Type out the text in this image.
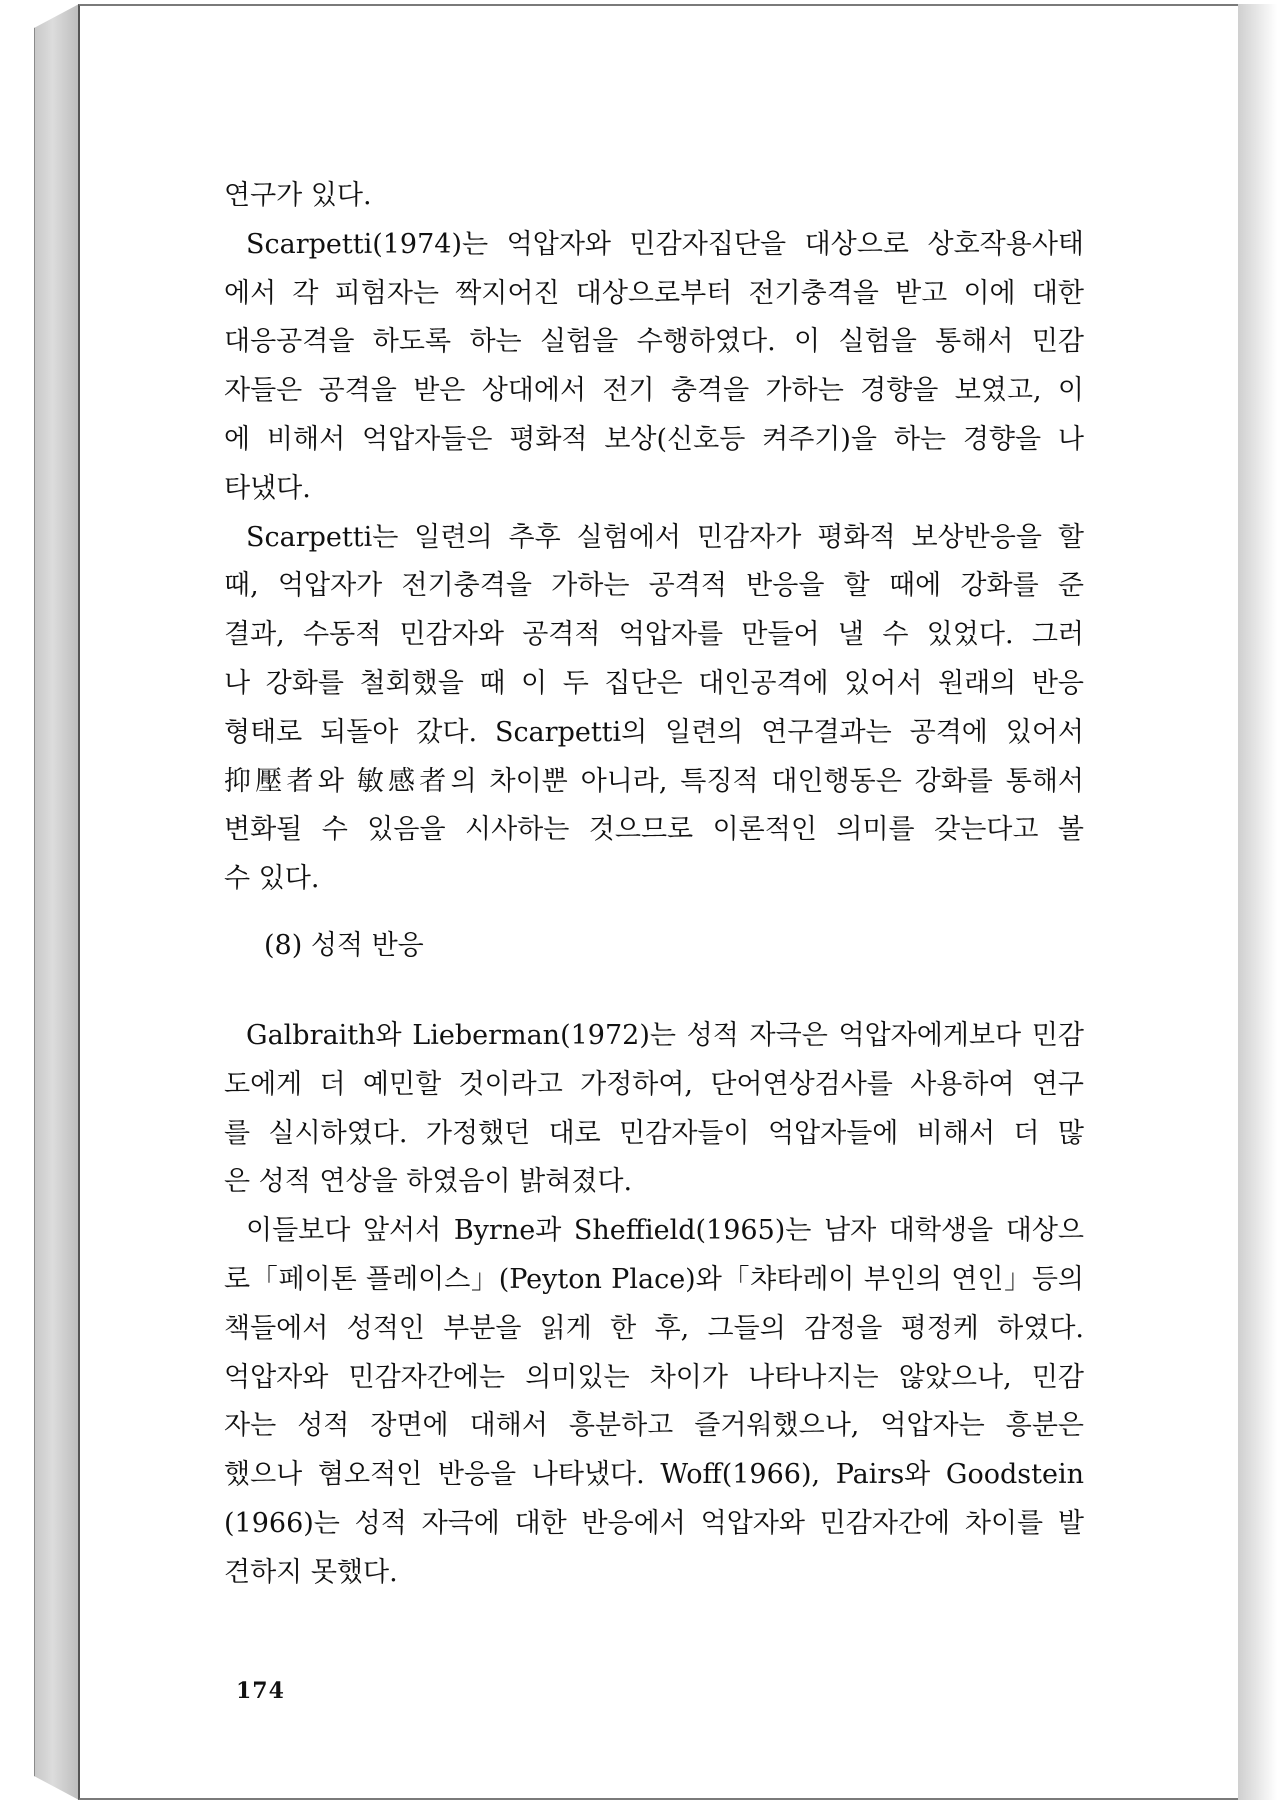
연구가 있다.
Scarpetti(1974)는 억압자와 민감자집단을 대상으로 상호작용사태
에서 각 피험자는 짝지어진 대상으로부터 전기충격을 받고 이에 대한
대응공격을 하도록 하는 실험을 수행하였다. 이 실험을 통해서 민감
자들은 공격을 받은 상대에서 전기 충격을 가하는 경향을 보였고, 이
에 비해서 억압자들은 평화적 보상(신호등 켜주기)을 하는 경향을 나
타냈다.
Scarpetti는 일련의 추후 실험에서 민감자가 평화적 보상반응을 할
때, 억압자가 전기충격을 가하는 공격적 반응을 할 때에 강화를 준
결과, 수동적 민감자와 공격적 억압자를 만들어 낼 수 있었다. 그러
나 강화를 철회했을 때 이 두 집단은 대인공격에 있어서 원래의 반응
형태로 되돌아 갔다. Scarpetti의 일련의 연구결과는 공격에 있어서
抑壓者와 敏感者의 차이뿐 아니라, 특징적 대인행동은 강화를 통해서
변화될 수 있음을 시사하는 것으므로 이론적인 의미를 갖는다고 볼
수 있다.
(8) 성적 반응
Galbraith와 Lieberman(1972)는 성적 자극은 억압자에게보다 민감
도에게 더 예민할 것이라고 가정하여, 단어연상검사를 사용하여 연구
를 실시하였다. 가정했던 대로 민감자들이 억압자들에 비해서 더 많
은 성적 연상을 하였음이 밝혀졌다.
이들보다 앞서서 Byrne과 Sheffield(1965)는 남자 대학생을 대상으
로「페이톤 플레이스」(Peyton Place)와「챠타레이 부인의 연인」등의
책들에서 성적인 부분을 읽게 한 후, 그들의 감정을 평정케 하였다.
억압자와 민감자간에는 의미있는 차이가 나타나지는 않았으나, 민감
자는 성적 장면에 대해서 흥분하고 즐거워했으나, 억압자는 흥분은
했으나 혐오적인 반응을 나타냈다. Woff(1966), Pairs와 Goodstein
(1966)는 성적 자극에 대한 반응에서 억압자와 민감자간에 차이를 발
견하지 못했다.
174
